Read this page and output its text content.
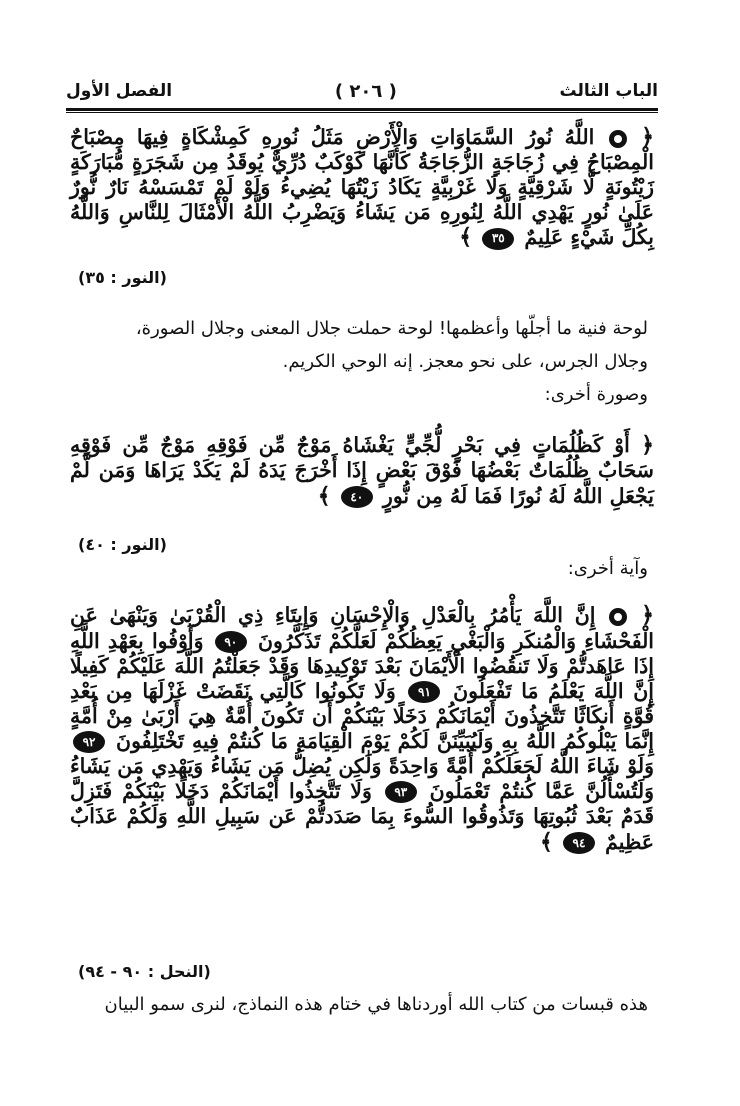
الباب الثالث
( ٢٠٦ )
الفصل الأول
﴿  اللَّهُ نُورُ السَّمَاوَاتِ وَالْأَرْضِ مَثَلُ نُورِهِ كَمِشْكَاةٍ فِيهَا مِصْبَاحٌ الْمِصْبَاحُ فِي زُجَاجَةٍ الزُّجَاجَةُ كَأَنَّهَا كَوْكَبٌ دُرِّيٌّ يُوقَدُ مِن شَجَرَةٍ مُّبَارَكَةٍ زَيْتُونَةٍ لَّا شَرْقِيَّةٍ وَلَا غَرْبِيَّةٍ يَكَادُ زَيْتُهَا يُضِيءُ وَلَوْ لَمْ تَمْسَسْهُ نَارٌ نُّورٌ عَلَىٰ نُورٍ يَهْدِي اللَّهُ لِنُورِهِ مَن يَشَاءُ وَيَضْرِبُ اللَّهُ الْأَمْثَالَ لِلنَّاسِ وَاللَّهُ بِكُلِّ شَيْءٍ عَلِيمٌ ٣٥ ﴾
(النور : ٣٥)
لوحة فنية ما أجلّها وأعظمها! لوحة حملت جلال المعنى وجلال الصورة،
وجلال الجرس، على نحو معجز. إنه الوحي الكريم.
وصورة أخرى:
﴿ أَوْ كَظُلُمَاتٍ فِي بَحْرٍ لُّجِّيٍّ يَغْشَاهُ مَوْجٌ مِّن فَوْقِهِ مَوْجٌ مِّن فَوْقِهِ سَحَابٌ ظُلُمَاتٌ بَعْضُهَا فَوْقَ بَعْضٍ إِذَا أَخْرَجَ يَدَهُ لَمْ يَكَدْ يَرَاهَا وَمَن لَّمْ يَجْعَلِ اللَّهُ لَهُ نُورًا فَمَا لَهُ مِن نُّورٍ ٤٠ ﴾
(النور : ٤٠)
وآية أخرى:
﴿  إِنَّ اللَّهَ يَأْمُرُ بِالْعَدْلِ وَالْإِحْسَانِ وَإِيتَاءِ ذِي الْقُرْبَىٰ وَيَنْهَىٰ عَنِ الْفَحْشَاءِ وَالْمُنكَرِ وَالْبَغْيِ يَعِظُكُمْ لَعَلَّكُمْ تَذَكَّرُونَ ٩٠ وَأَوْفُوا بِعَهْدِ اللَّهِ إِذَا عَاهَدتُّمْ وَلَا تَنقُضُوا الْأَيْمَانَ بَعْدَ تَوْكِيدِهَا وَقَدْ جَعَلْتُمُ اللَّهَ عَلَيْكُمْ كَفِيلًا إِنَّ اللَّهَ يَعْلَمُ مَا تَفْعَلُونَ ٩١ وَلَا تَكُونُوا كَالَّتِي نَقَضَتْ غَزْلَهَا مِن بَعْدِ قُوَّةٍ أَنكَاثًا تَتَّخِذُونَ أَيْمَانَكُمْ دَخَلًا بَيْنَكُمْ أَن تَكُونَ أُمَّةٌ هِيَ أَرْبَىٰ مِنْ أُمَّةٍ إِنَّمَا يَبْلُوكُمُ اللَّهُ بِهِ وَلَيُبَيِّنَنَّ لَكُمْ يَوْمَ الْقِيَامَةِ مَا كُنتُمْ فِيهِ تَخْتَلِفُونَ ٩٢ وَلَوْ شَاءَ اللَّهُ لَجَعَلَكُمْ أُمَّةً وَاحِدَةً وَلَٰكِن يُضِلُّ مَن يَشَاءُ وَيَهْدِي مَن يَشَاءُ وَلَتُسْأَلُنَّ عَمَّا كُنتُمْ تَعْمَلُونَ ٩٣ وَلَا تَتَّخِذُوا أَيْمَانَكُمْ دَخَلًا بَيْنَكُمْ فَتَزِلَّ قَدَمٌ بَعْدَ ثُبُوتِهَا وَتَذُوقُوا السُّوءَ بِمَا صَدَدتُّمْ عَن سَبِيلِ اللَّهِ وَلَكُمْ عَذَابٌ عَظِيمٌ ٩٤ ﴾
(النحل : ٩٠ - ٩٤)
هذه قبسات من كتاب الله أوردناها في ختام هذه النماذج، لنرى سمو البيان
